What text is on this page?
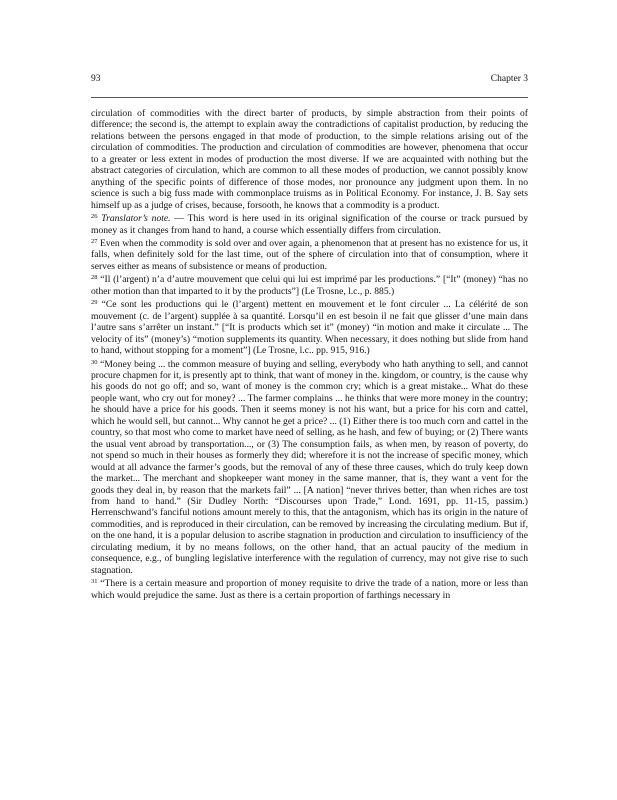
93	Chapter 3

circulation of commodities with the direct barter of products, by simple abstraction from their points of difference; the second is, the attempt to explain away the contradictions of capitalist production, by reducing the relations between the persons engaged in that mode of production, to the simple relations arising out of the circulation of commodities. The production and circulation of commodities are however, phenomena that occur to a greater or less extent in modes of production the most diverse. If we are acquainted with nothing but the abstract categories of circulation, which are common to all these modes of production, we cannot possibly know anything of the specific points of difference of those modes, nor pronounce any judgment upon them. In no science is such a big fuss made with commonplace truisms as in Political Economy. For instance, J. B. Say sets himself up as a judge of crises, because, forsooth, he knows that a commodity is a product.

$^{26}$ Translator’s note. — This word is here used in its original signification of the course or track pursued by money as it changes from hand to hand, a course which essentially differs from circulation.

$^{27}$ Even when the commodity is sold over and over again, a phenomenon that at present has no existence for us, it falls, when definitely sold for the last time, out of the sphere of circulation into that of consumption, where it serves either as means of subsistence or means of production.

$^{28}$ “Il (l’argent) n’a d’autre mouvement que celui qui lui est imprimé par les productions.” [“It” (money) “has no other motion than that imparted to it by the products”] (Le Trosne, l.c., p. 885.)

$^{29}$ “Ce sont les productions qui le (l’argent) mettent en mouvement et le font circuler ... La célérité de son mouvement (c. de l’argent) supplée à sa quantité. Lorsqu’il en est besoin il ne fait que glisser d’une main dans l’autre sans s’arrêter un instant.” [“It is products which set it” (money) “in motion and make it circulate ... The velocity of its” (money’s) “motion supplements its quantity. When necessary, it does nothing but slide from hand to hand, without stopping for a moment”] (Le Trosne, l.c.. pp. 915, 916.)

$^{30}$ “Money being ... the common measure of buying and selling, everybody who hath anything to sell, and cannot procure chapmen for it, is presently apt to think, that want of money in the. kingdom, or country, is the cause why his goods do not go off; and so, want of money is the common cry; which is a great mistake... What do these people want, who cry out for money? ... The farmer complains ... he thinks that were more money in the country; he should have a price for his goods. Then it seems money is not his want, but a price for his corn and cattel, which he would sell, but cannot... Why cannot he get a price? ... (1) Either there is too much corn and cattel in the country, so that most who come to market have need of selling, as he hash, and few of buying; or (2) There wants the usual vent abroad by transportation..., or (3) The consumption fails, as when men, by reason of poverty, do not spend so much in their houses as formerly they did; wherefore it is not the increase of specific money, which would at all advance the farmer’s goods, but the removal of any of these three causes, which do truly keep down the market... The merchant and shopkeeper want money in the same manner, that is, they want a vent for the goods they deal in, by reason that the markets fail” ... [A nation] “never thrives better, than when riches are tost from hand to hand.” (Sir Dudley North: “Discourses upon Trade,” Lond. 1691, pp. 11-15, passim.) Herrenschwand’s fanciful notions amount merely to this, that the antagonism, which has its origin in the nature of commodities, and is reproduced in their circulation, can be removed by increasing the circulating medium. But if, on the one hand, it is a popular delusion to ascribe stagnation in production and circulation to insufficiency of the circulating medium, it by no means follows, on the other hand, that an actual paucity of the medium in consequence, e.g., of bungling legislative interference with the regulation of currency, may not give rise to such stagnation.

$^{31}$ “There is a certain measure and proportion of money requisite to drive the trade of a nation, more or less than which would prejudice the same. Just as there is a certain proportion of farthings necessary in
